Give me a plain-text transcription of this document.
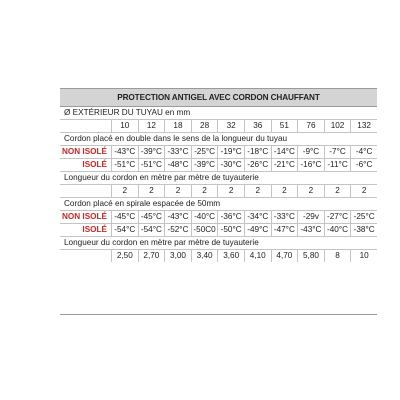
PROTECTION ANTIGEL AVEC CORDON CHAUFFANT
Ø EXTÉRIEUR DU TUYAU en mm
10	12	18	28	32	36	51	76	102	132
Cordon placé en double dans le sens de la longueur du tuyau
NON ISOLÉ -43°C -39°C -33°C -25°C -19°C -18°C -14°C -9°C	-7°C	-4°C
ISOLÉ -51°C -51°C -48°C -39°C -30°C -26°C -21°C -16°C -11°C -6°C
Longueur du cordon en mètre par mètre de tuyauterie
2	2	2	2	2	2	2	2	2	2
Cordon placé en spirale espacée de 50mm
NON ISOLÉ -45°C -45°C -43°C -40°C -36°C -34°C -33°C -29v -27°C -25°C
ISOLÉ -54°C -54°C -52°C -50C0 -50°C -49°C -47°C -43°C -40°C -38°C
Longueur du cordon en mètre par mètre de tuyauterie
2,50	2,70	3,00	3,40	3,60	4,10	4,70	5,80	8	10
